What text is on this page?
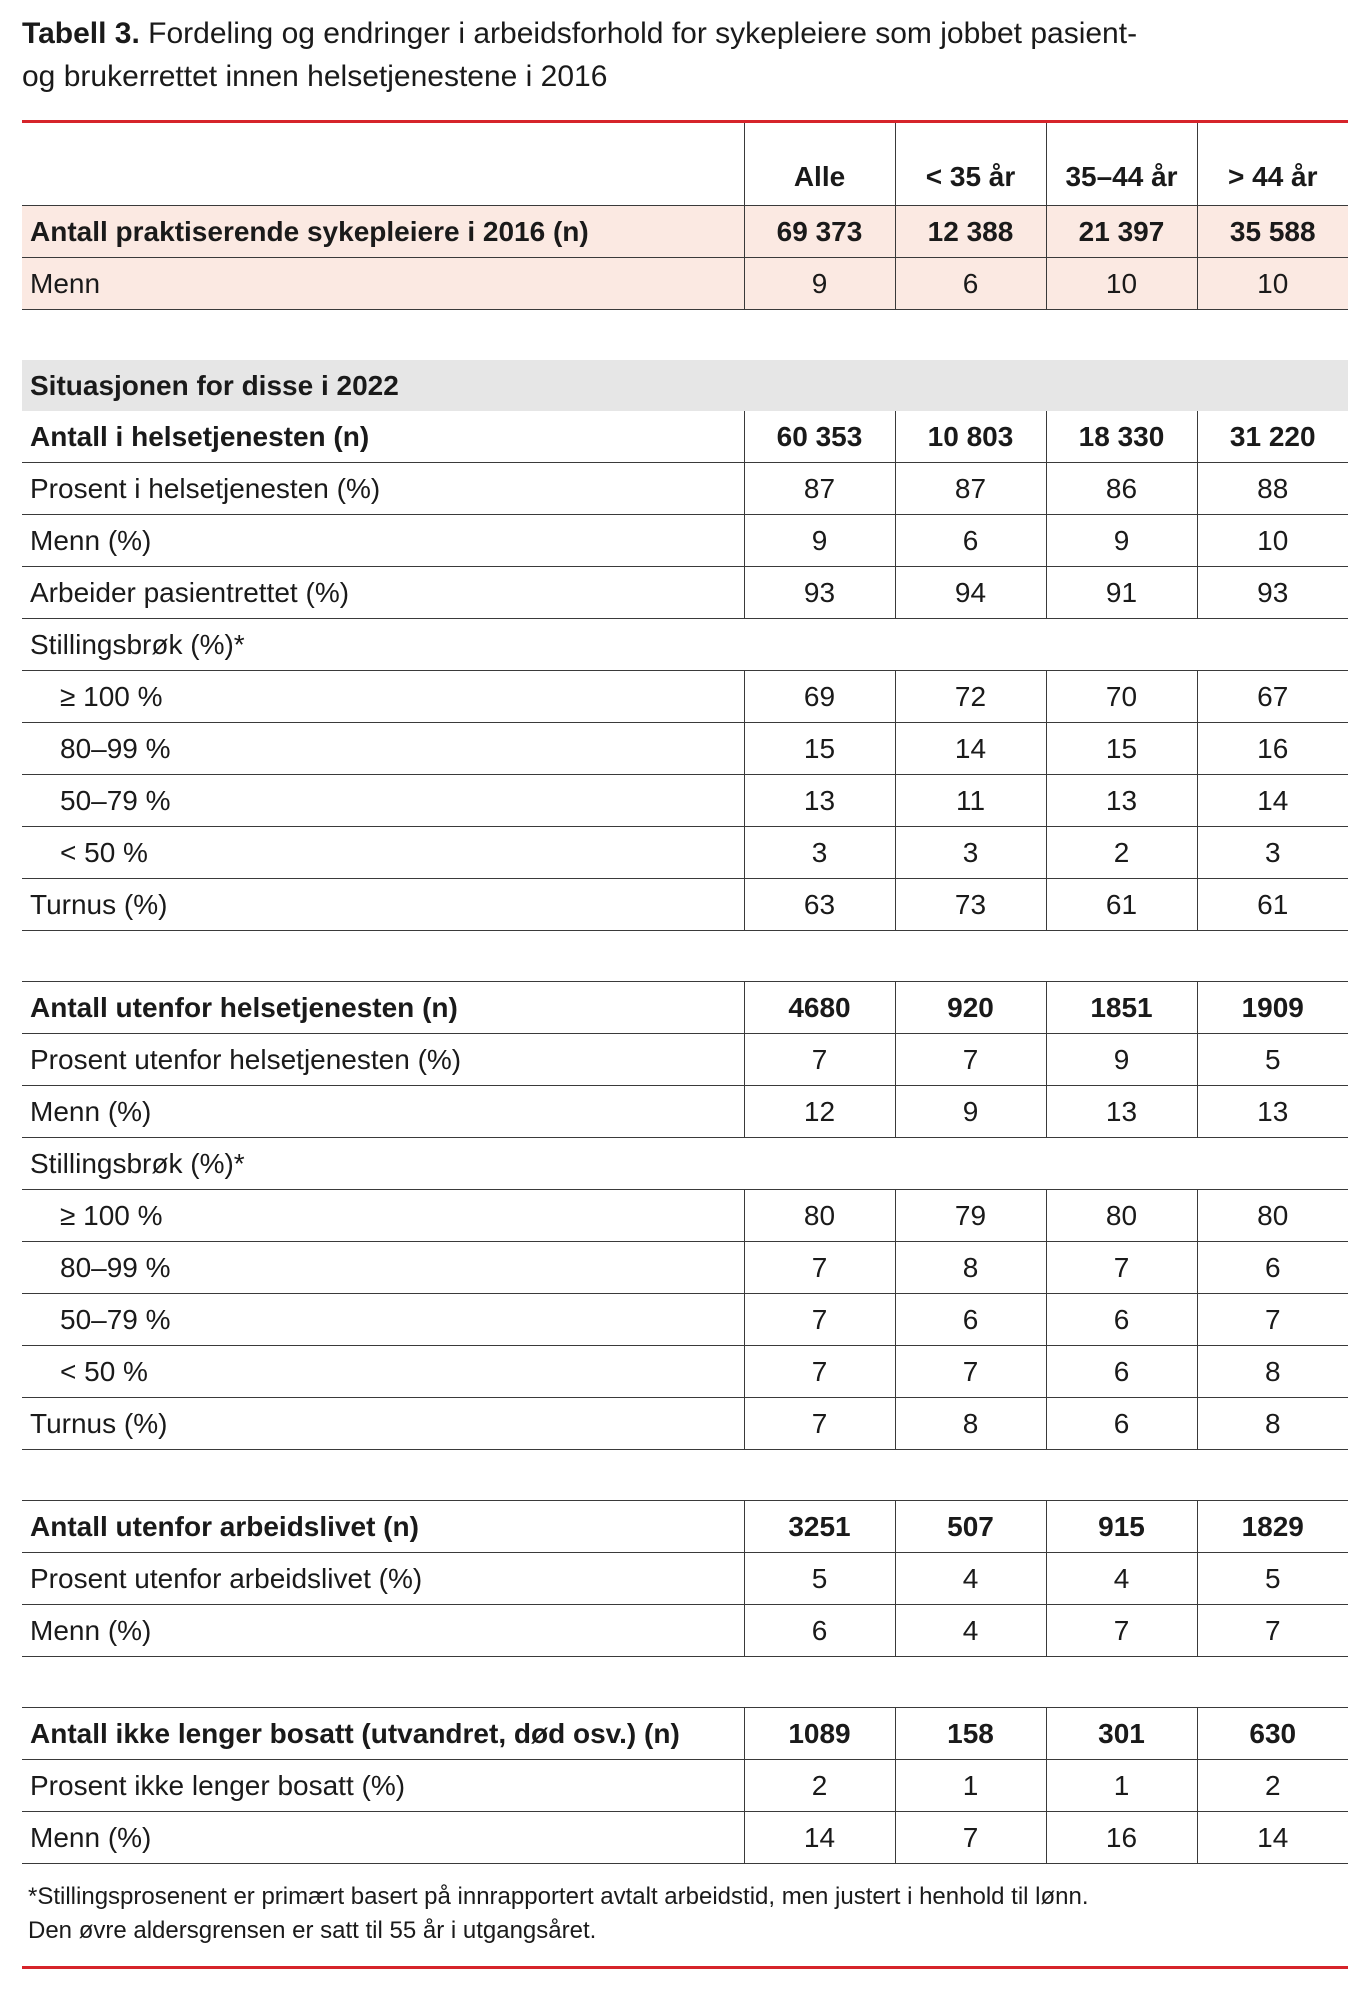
Tabell 3. Fordeling og endringer i arbeidsforhold for sykepleiere som jobbet pasient-
og brukerrettet innen helsetjenestene i 2016

	Alle	< 35 år	35–44 år	> 44 år
Antall praktiserende sykepleiere i 2016 (n)	69 373	12 388	21 397	35 588
Menn	9	6	10	10

Situasjonen for disse i 2022				
Antall i helsetjenesten (n)	60 353	10 803	18 330	31 220
Prosent i helsetjenesten (%)	87	87	86	88
Menn (%)	9	6	9	10
Arbeider pasientrettet (%)	93	94	91	93
Stillingsbrøk (%)*				
≥ 100 %	69	72	70	67
80–99 %	15	14	15	16
50–79 %	13	11	13	14
< 50 %	3	3	2	3
Turnus (%)	63	73	61	61

Antall utenfor helsetjenesten (n)	4680	920	1851	1909
Prosent utenfor helsetjenesten (%)	7	7	9	5
Menn (%)	12	9	13	13
Stillingsbrøk (%)*				
≥ 100 %	80	79	80	80
80–99 %	7	8	7	6
50–79 %	7	6	6	7
< 50 %	7	7	6	8
Turnus (%)	7	8	6	8

Antall utenfor arbeidslivet (n)	3251	507	915	1829
Prosent utenfor arbeidslivet (%)	5	4	4	5
Menn (%)	6	4	7	7

Antall ikke lenger bosatt (utvandret, død osv.) (n)	1089	158	301	630
Prosent ikke lenger bosatt (%)	2	1	1	2
Menn (%)	14	7	16	14
*Stillingsprosenent er primært basert på innrapportert avtalt arbeidstid, men justert i henhold til lønn.
Den øvre aldersgrensen er satt til 55 år i utgangsåret.
